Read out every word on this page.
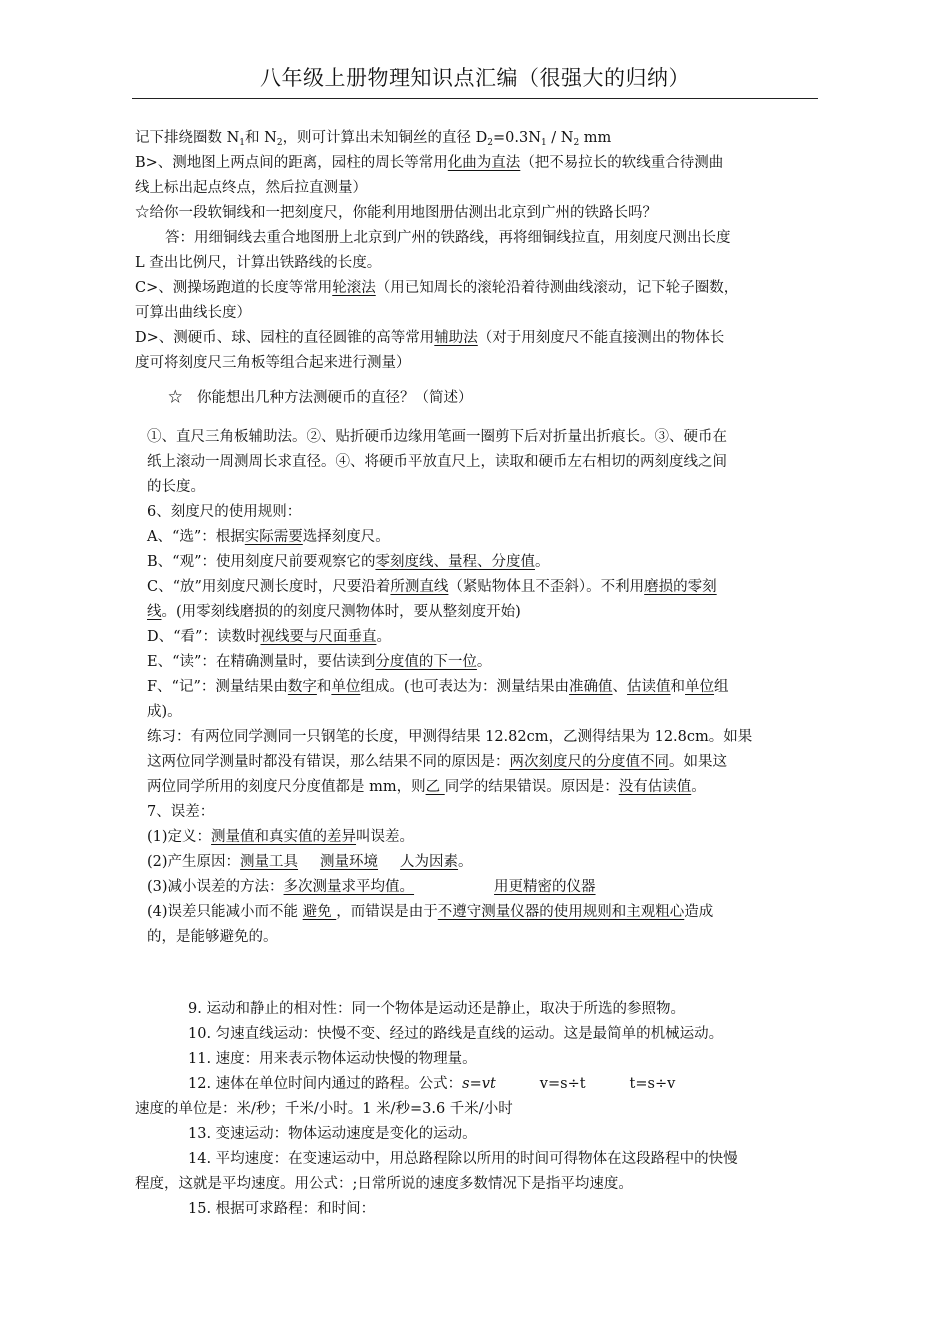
八年级上册物理知识点汇编（很强大的归纳）

记下排绕圈数 $N_1$和 $N_2$，则可计算出未知铜丝的直径 $D_2=0.3N_1 / N_2$ mm

B>、测地图上两点间的距离，园柱的周长等常用化曲为直法（把不易拉长的软线重合待测曲

线上标出起点终点，然后拉直测量）

☆给你一段软铜线和一把刻度尺，你能利用地图册估测出北京到广州的铁路长吗？

答：用细铜线去重合地图册上北京到广州的铁路线，再将细铜线拉直，用刻度尺测出长度

L 查出比例尺，计算出铁路线的长度。

C>、测操场跑道的长度等常用轮滚法（用已知周长的滚轮沿着待测曲线滚动，记下轮子圈数，

可算出曲线长度）

D>、测硬币、球、园柱的直径圆锥的高等常用辅助法（对于用刻度尺不能直接测出的物体长

度可将刻度尺三角板等组合起来进行测量）

☆　你能想出几种方法测硬币的直径？（简述）

①、直尺三角板辅助法。②、贴折硬币边缘用笔画一圈剪下后对折量出折痕长。③、硬币在

纸上滚动一周测周长求直径。④、将硬币平放直尺上，读取和硬币左右相切的两刻度线之间

的长度。

6、刻度尺的使用规则：

A、“选”：根据实际需要选择刻度尺。

B、“观”：使用刻度尺前要观察它的零刻度线、量程、分度值。

C、“放”用刻度尺测长度时，尺要沿着所测直线（紧贴物体且不歪斜）。不利用磨损的零刻

线。(用零刻线磨损的的刻度尺测物体时，要从整刻度开始)

D、“看”：读数时视线要与尺面垂直。

E、“读”：在精确测量时，要估读到分度值的下一位。

F、“记”：测量结果由数字和单位组成。(也可表达为：测量结果由准确值、估读值和单位组

成)。

练习：有两位同学测同一只钢笔的长度，甲测得结果 12.82cm，乙测得结果为 12.8cm。如果

这两位同学测量时都没有错误，那么结果不同的原因是：两次刻度尺的分度值不同。如果这

两位同学所用的刻度尺分度值都是 mm，则乙 同学的结果错误。原因是：没有估读值。

7、误差：

(1)定义：测量值和真实值的差异叫误差。

(2)产生原因：测量工具 测量环境 人为因素。

(3)减小误差的方法：多次测量求平均值。	用更精密的仪器

(4)误差只能减小而不能 避免 ，而错误是由于不遵守测量仪器的使用规则和主观粗心造成

的，是能够避免的。

9. 运动和静止的相对性：同一个物体是运动还是静止，取决于所选的参照物。

10. 匀速直线运动：快慢不变、经过的路线是直线的运动。这是最简单的机械运动。

11. 速度：用来表示物体运动快慢的物理量。

12. 速体在单位时间内通过的路程。公式：s=vt	v=s÷t	t=s÷v

速度的单位是：米/秒；千米/小时。1 米/秒=3.6 千米/小时

13. 变速运动：物体运动速度是变化的运动。

14. 平均速度：在变速运动中，用总路程除以所用的时间可得物体在这段路程中的快慢

程度，这就是平均速度。用公式：;日常所说的速度多数情况下是指平均速度。

15. 根据可求路程：和时间：
